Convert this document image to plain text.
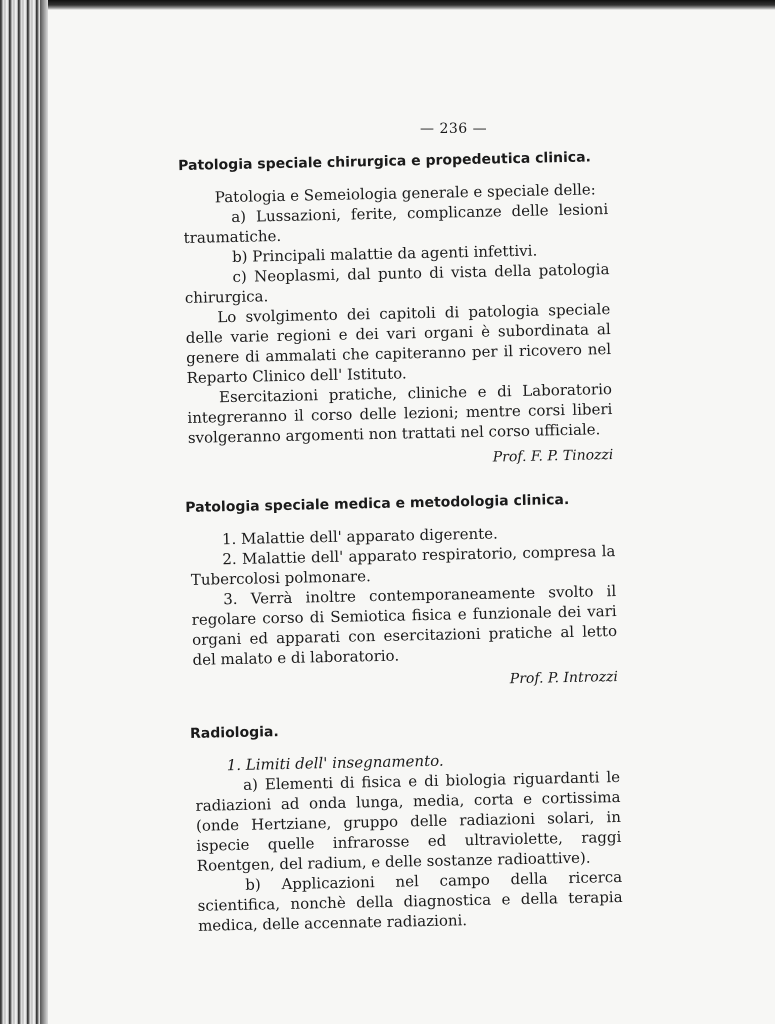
— 236 —
Patologia speciale chirurgica e propedeutica clinica.

Patologia e Semeiologia generale e speciale delle:

a) Lussazioni, ferite, complicanze delle lesioni traumatiche.

b) Principali malattie da agenti infettivi.

c) Neoplasmi, dal punto di vista della patologia chirurgica.

Lo svolgimento dei capitoli di patologia speciale delle varie regioni e dei vari organi è subordinata al genere di ammalati che capiteranno per il ricovero nel Reparto Clinico dell' Istituto.

Esercitazioni pratiche, cliniche e di Laboratorio integreranno il corso delle lezioni; mentre corsi liberi svolgeranno argomenti non trattati nel corso ufficiale.

Prof. F. P. Tinozzi

Patologia speciale medica e metodologia clinica.

1. Malattie dell' apparato digerente.

2. Malattie dell' apparato respiratorio, compresa la Tubercolosi polmonare.

3. Verrà inoltre contemporaneamente svolto il regolare corso di Semiotica fisica e funzionale dei vari organi ed apparati con esercitazioni pratiche al letto del malato e di laboratorio.

Prof. P. Introzzi

Radiologia.

1. Limiti dell' insegnamento.

a) Elementi di fisica e di biologia riguardanti le radiazioni ad onda lunga, media, corta e cortissima (onde Hertziane, gruppo delle radiazioni solari, in ispecie quelle infrarosse ed ultraviolette, raggi Roentgen, del radium, e delle sostanze radioattive).

b) Applicazioni nel campo della ricerca scientifica, nonchè della diagnostica e della terapia medica, delle accennate radiazioni.
